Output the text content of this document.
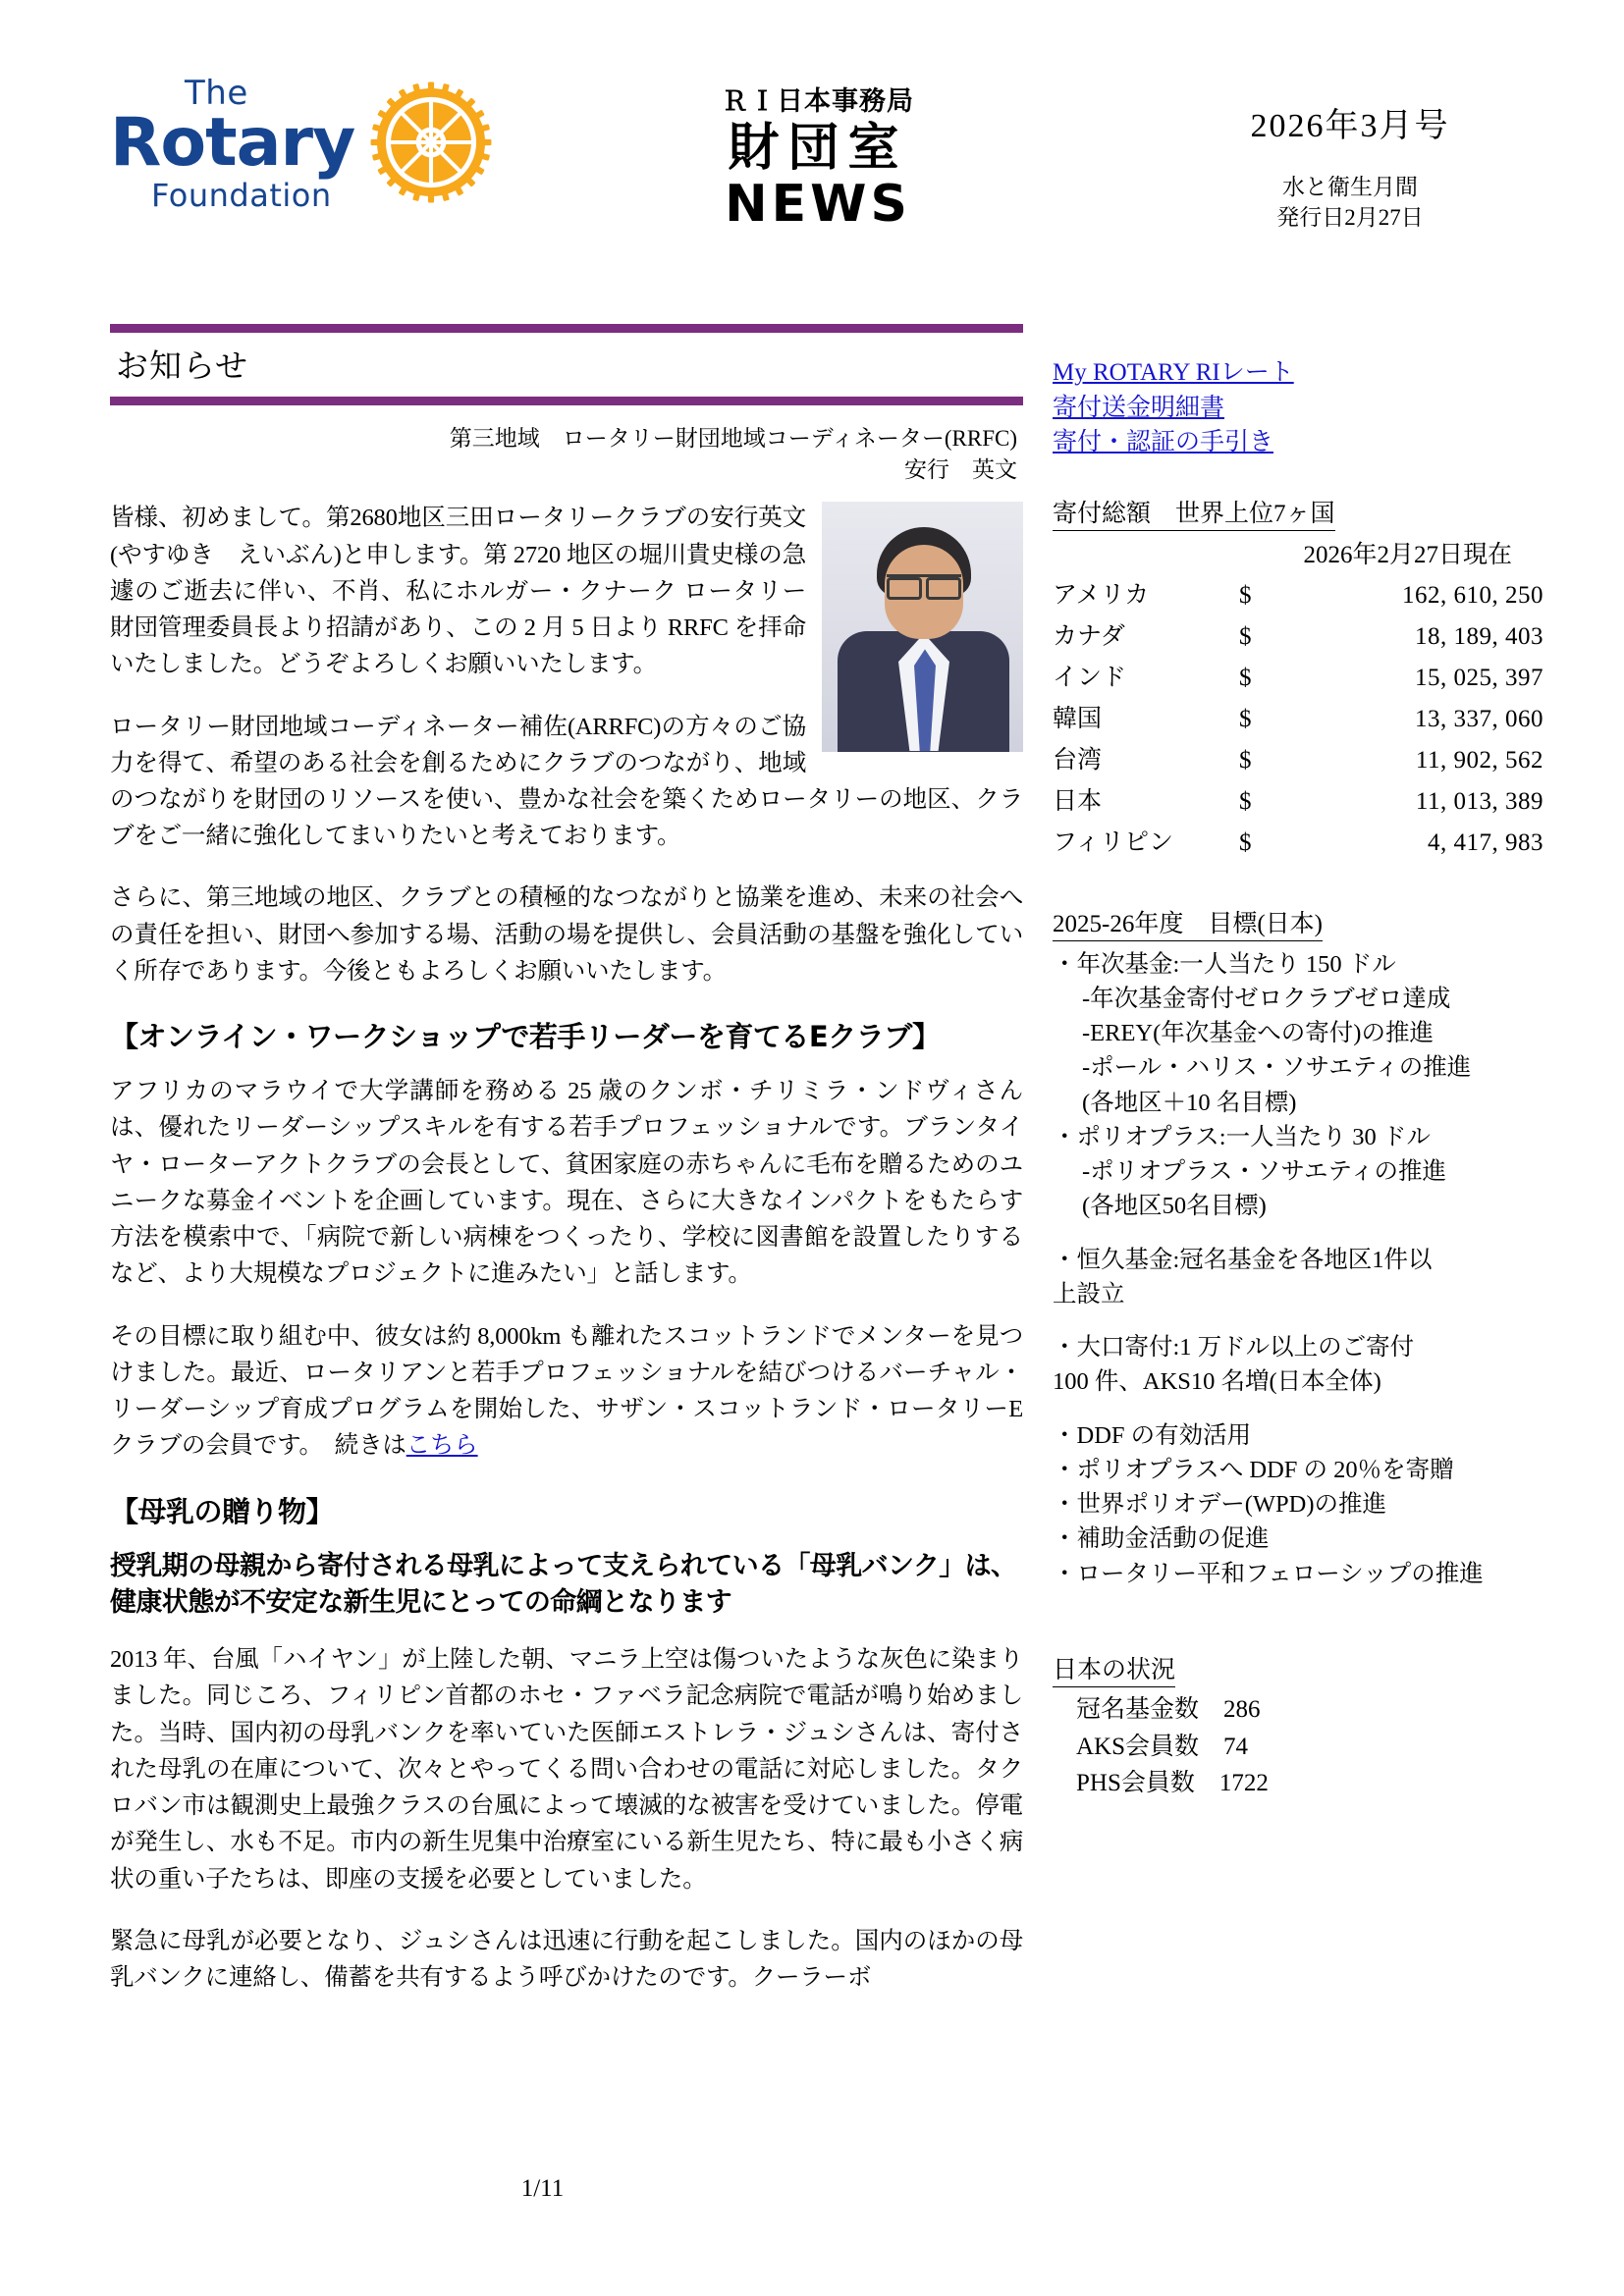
The
Rotary
Foundation
ＲＩ日本事務局
財団室
NEWS
2026年3月号
水と衛生月間
発行日2月27日
お知らせ
第三地域　ロータリー財団地域コーディネーター(RRFC)
安行　英文

皆様、初めまして。第2680地区三田ロータリークラブの安行英文(やすゆき　えいぶん)と申します。第 2720 地区の堀川貴史様の急遽のご逝去に伴い、不肖、私にホルガー・クナーク ロータリー財団管理委員長より招請があり、この 2 月 5 日より RRFC を拝命いたしました。どうぞよろしくお願いいたします。

ロータリー財団地域コーディネーター補佐(ARRFC)の方々のご協力を得て、希望のある社会を創るためにクラブのつながり、地域のつながりを財団のリソースを使い、豊かな社会を築くためロータリーの地区、クラブをご一緒に強化してまいりたいと考えております。

さらに、第三地域の地区、クラブとの積極的なつながりと協業を進め、未来の社会への責任を担い、財団へ参加する場、活動の場を提供し、会員活動の基盤を強化していく所存であります。今後ともよろしくお願いいたします。

【オンライン・ワークショップで若手リーダーを育てるEクラブ】

アフリカのマラウイで大学講師を務める 25 歳のクンボ・チリミラ・ンドヴィさんは、優れたリーダーシップスキルを有する若手プロフェッショナルです。ブランタイヤ・ローターアクトクラブの会長として、貧困家庭の赤ちゃんに毛布を贈るためのユニークな募金イベントを企画しています。現在、さらに大きなインパクトをもたらす方法を模索中で、「病院で新しい病棟をつくったり、学校に図書館を設置したりするなど、より大規模なプロジェクトに進みたい」と話します。

その目標に取り組む中、彼女は約 8,000km も離れたスコットランドでメンターを見つけました。最近、ロータリアンと若手プロフェッショナルを結びつけるバーチャル・リーダーシップ育成プログラムを開始した、サザン・スコットランド・ロータリーE クラブの会員です。　続きはこちら

【母乳の贈り物】
授乳期の母親から寄付される母乳によって支えられている「母乳バンク」は、健康状態が不安定な新生児にとっての命綱となります

2013 年、台風「ハイヤン」が上陸した朝、マニラ上空は傷ついたような灰色に染まりました。同じころ、フィリピン首都のホセ・ファベラ記念病院で電話が鳴り始めました。当時、国内初の母乳バンクを率いていた医師エストレラ・ジュシさんは、寄付された母乳の在庫について、次々とやってくる問い合わせの電話に対応しました。タクロバン市は観測史上最強クラスの台風によって壊滅的な被害を受けていました。停電が発生し、水も不足。市内の新生児集中治療室にいる新生児たち、特に最も小さく病状の重い子たちは、即座の支援を必要としていました。

緊急に母乳が必要となり、ジュシさんは迅速に行動を起こしました。国内のほかの母乳バンクに連絡し、備蓄を共有するよう呼びかけたのです。クーラーボ

My ROTARY RIレート
寄付送金明細書
寄付・認証の手引き
寄付総額　世界上位7ヶ国
2026年2月27日現在
アメリカ	$	162, 610, 250
カナダ	$	18, 189, 403
インド	$	15, 025, 397
韓国	$	13, 337, 060
台湾	$	11, 902, 562
日本	$	11, 013, 389
フィリピン	$	4, 417, 983
2025-26年度　目標(日本)
・年次基金:一人当たり 150 ドル
-年次基金寄付ゼロクラブゼロ達成
-EREY(年次基金への寄付)の推進
-ポール・ハリス・ソサエティの推進
(各地区＋10 名目標)
・ポリオプラス:一人当たり 30 ドル
-ポリオプラス・ソサエティの推進
(各地区50名目標)
・恒久基金:冠名基金を各地区1件以
上設立
・大口寄付:1 万ドル以上のご寄付
100 件、AKS10 名増(日本全体)
・DDF の有効活用
・ポリオプラスへ DDF の 20％を寄贈
・世界ポリオデー(WPD)の推進
・補助金活動の促進
・ロータリー平和フェローシップの推進
日本の状況
冠名基金数　286
AKS会員数　74
PHS会員数　1722
1/11
